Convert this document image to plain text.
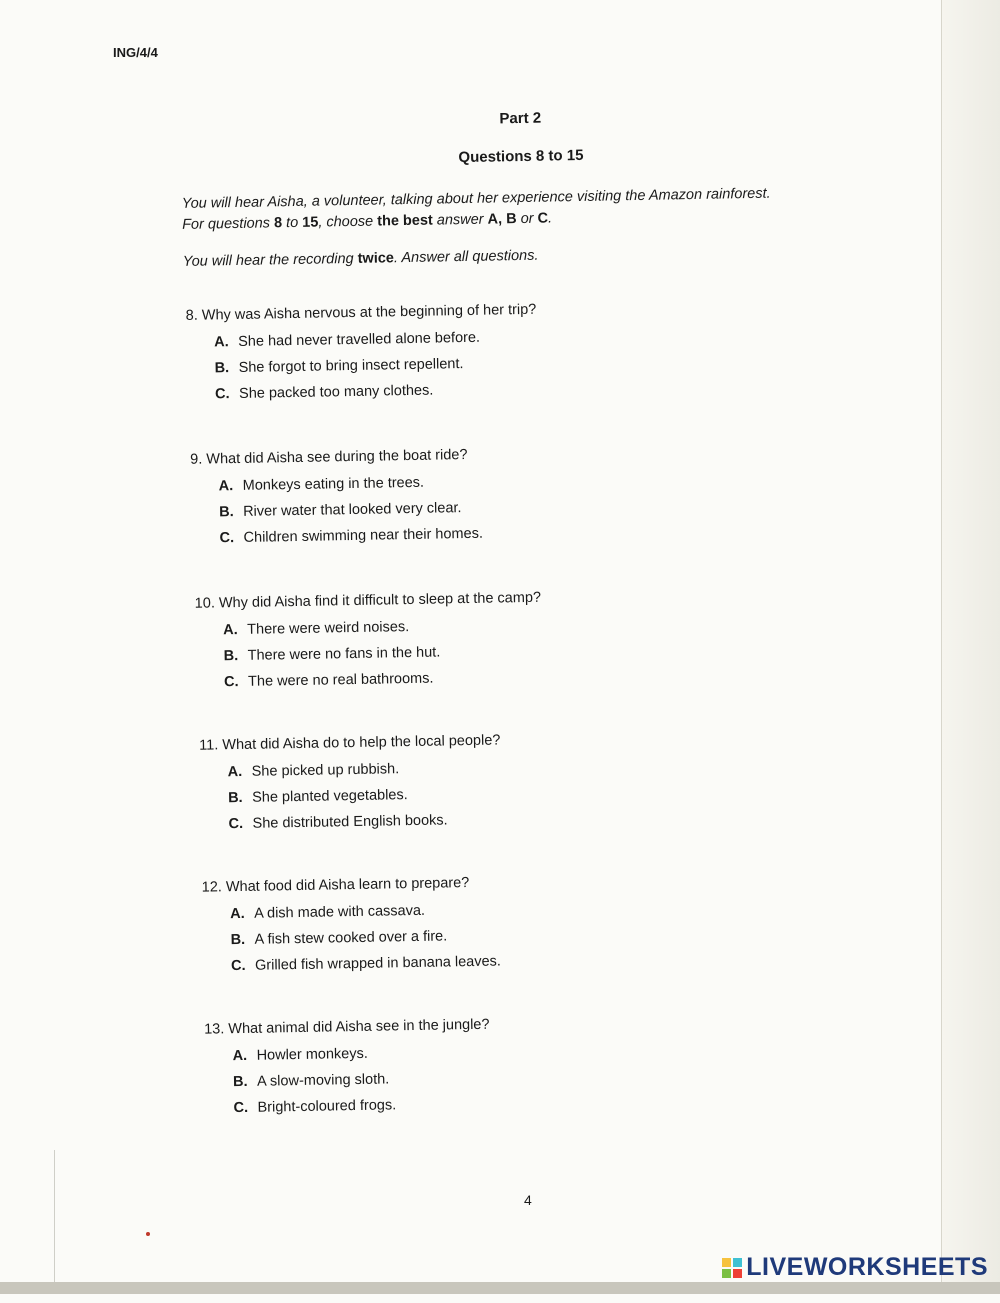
ING/4/4
Part 2
Questions 8 to 15
You will hear Aisha, a volunteer, talking about her experience visiting the Amazon rainforest.
For questions 8 to 15, choose the best answer A, B or C.
You will hear the recording twice. Answer all questions.
8. Why was Aisha nervous at the beginning of her trip?
A. She had never travelled alone before.
B. She forgot to bring insect repellent.
C. She packed too many clothes.
9. What did Aisha see during the boat ride?
A. Monkeys eating in the trees.
B. River water that looked very clear.
C. Children swimming near their homes.
10. Why did Aisha find it difficult to sleep at the camp?
A. There were weird noises.
B. There were no fans in the hut.
C. The were no real bathrooms.
11. What did Aisha do to help the local people?
A. She picked up rubbish.
B. She planted vegetables.
C. She distributed English books.
12. What food did Aisha learn to prepare?
A. A dish made with cassava.
B. A fish stew cooked over a fire.
C. Grilled fish wrapped in banana leaves.
13. What animal did Aisha see in the jungle?
A. Howler monkeys.
B. A slow-moving sloth.
C. Bright-coloured frogs.
4
LIVEWORKSHEETS
